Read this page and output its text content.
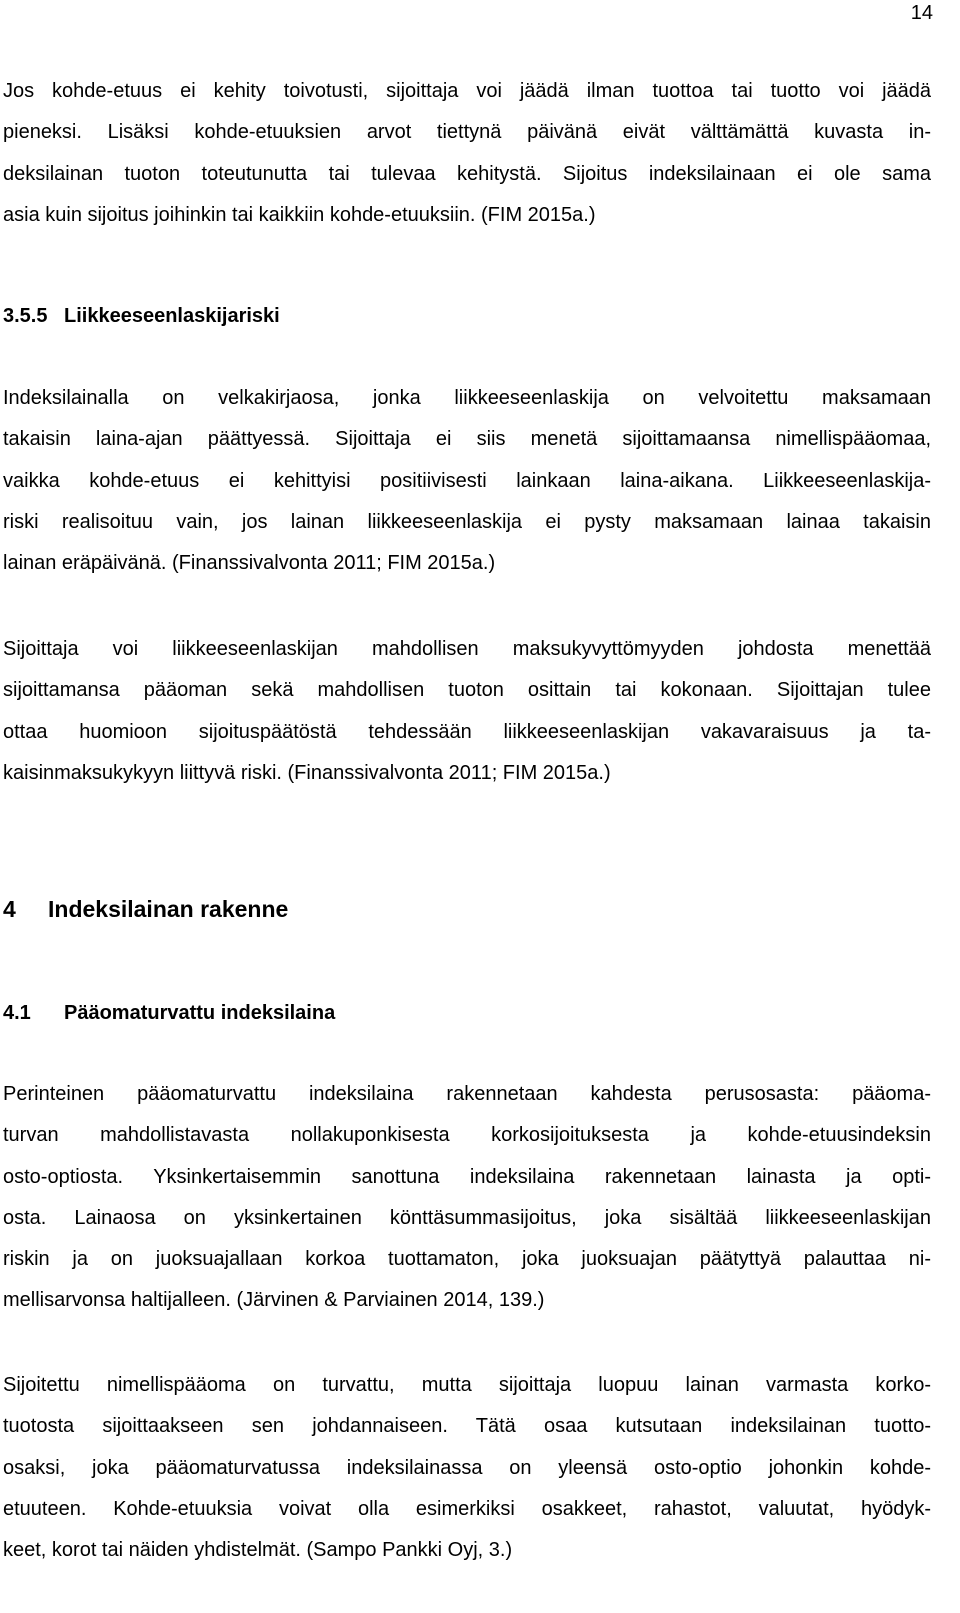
14

Jos kohde-etuus ei kehity toivotusti, sijoittaja voi jäädä ilman tuottoa tai tuotto voi jäädä
pieneksi. Lisäksi kohde-etuuksien arvot tiettynä päivänä eivät välttämättä kuvasta in-
deksilainan tuoton toteutunutta tai tulevaa kehitystä. Sijoitus indeksilainaan ei ole sama
asia kuin sijoitus joihinkin tai kaikkiin kohde-etuuksiin. (FIM 2015a.)

3.5.5 Liikkeeseenlaskijariski

Indeksilainalla on velkakirjaosa, jonka liikkeeseenlaskija on velvoitettu maksamaan
takaisin laina-ajan päättyessä. Sijoittaja ei siis menetä sijoittamaansa nimellispääomaa,
vaikka kohde-etuus ei kehittyisi positiivisesti lainkaan laina-aikana. Liikkeeseenlaskija-
riski realisoituu vain, jos lainan liikkeeseenlaskija ei pysty maksamaan lainaa takaisin
lainan eräpäivänä. (Finanssivalvonta 2011; FIM 2015a.)

Sijoittaja voi liikkeeseenlaskijan mahdollisen maksukyvyttömyyden johdosta menettää
sijoittamansa pääoman sekä mahdollisen tuoton osittain tai kokonaan. Sijoittajan tulee
ottaa huomioon sijoituspäätöstä tehdessään liikkeeseenlaskijan vakavaraisuus ja ta-
kaisinmaksukykyyn liittyvä riski. (Finanssivalvonta 2011; FIM 2015a.)

4 Indeksilainan rakenne
4.1 Pääomaturvattu indeksilaina

Perinteinen pääomaturvattu indeksilaina rakennetaan kahdesta perusosasta: pääoma-
turvan mahdollistavasta nollakuponkisesta korkosijoituksesta ja kohde-etuusindeksin
osto-optiosta. Yksinkertaisemmin sanottuna indeksilaina rakennetaan lainasta ja opti-
osta. Lainaosa on yksinkertainen könttäsummasijoitus, joka sisältää liikkeeseenlaskijan
riskin ja on juoksuajallaan korkoa tuottamaton, joka juoksuajan päätyttyä palauttaa ni-
mellisarvonsa haltijalleen. (Järvinen & Parviainen 2014, 139.)

Sijoitettu nimellispääoma on turvattu, mutta sijoittaja luopuu lainan varmasta korko-
tuotosta sijoittaakseen sen johdannaiseen. Tätä osaa kutsutaan indeksilainan tuotto-
osaksi, joka pääomaturvatussa indeksilainassa on yleensä osto-optio johonkin kohde-
etuuteen. Kohde-etuuksia voivat olla esimerkiksi osakkeet, rahastot, valuutat, hyödyk-
keet, korot tai näiden yhdistelmät. (Sampo Pankki Oyj, 3.)
